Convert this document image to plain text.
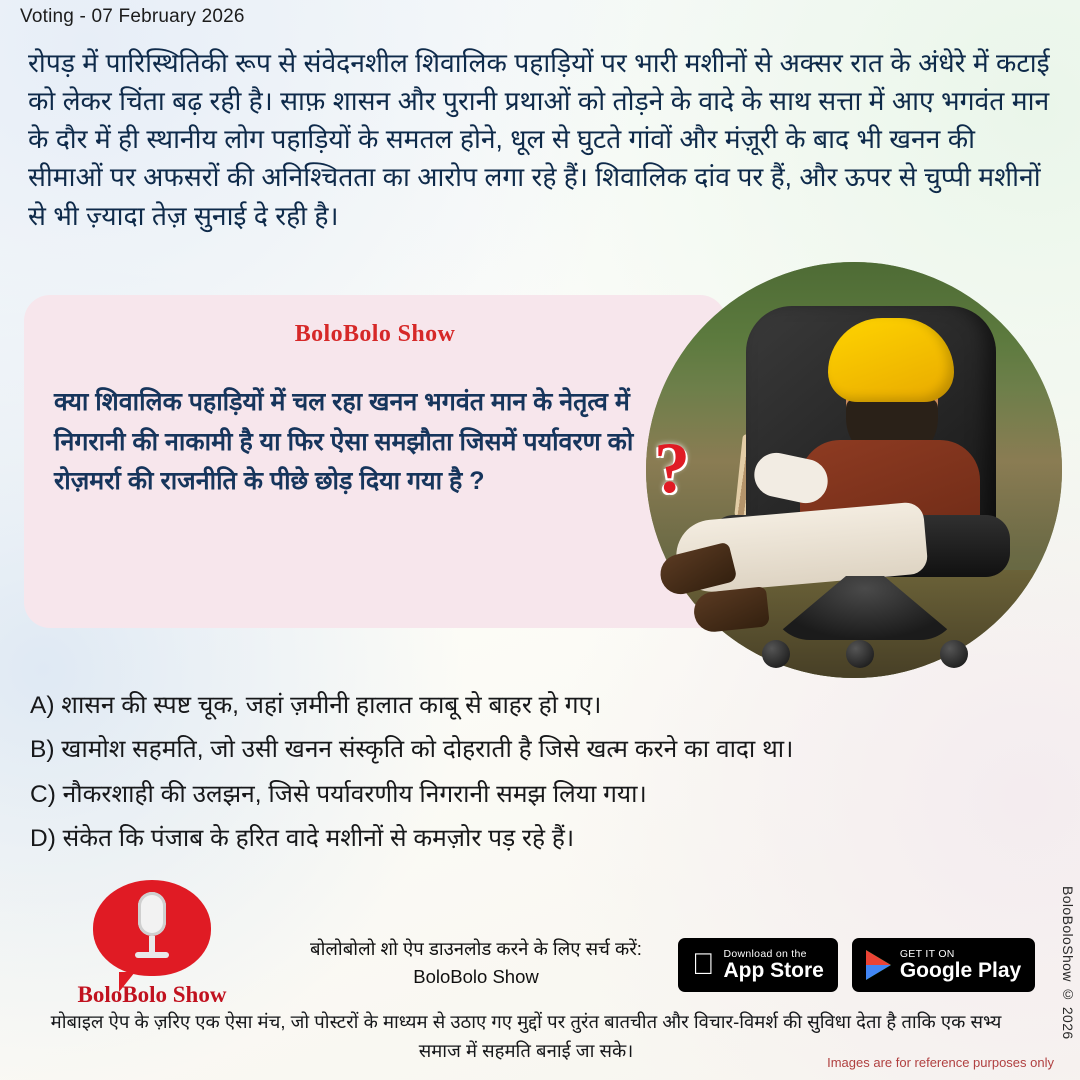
Voting - 07 February 2026
रोपड़ में पारिस्थितिकी रूप से संवेदनशील शिवालिक पहाड़ियों पर भारी मशीनों से अक्सर रात के अंधेरे में कटाई को लेकर चिंता बढ़ रही है। साफ़ शासन और पुरानी प्रथाओं को तोड़ने के वादे के साथ सत्ता में आए भगवंत मान के दौर में ही स्थानीय लोग पहाड़ियों के समतल होने, धूल से घुटते गांवों और मंज़ूरी के बाद भी खनन की सीमाओं पर अफसरों की अनिश्चितता का आरोप लगा रहे हैं। शिवालिक दांव पर हैं, और ऊपर से चुप्पी मशीनों से भी ज़्यादा तेज़ सुनाई दे रही है।
BoloBolo Show
क्या शिवालिक पहाड़ियों में चल रहा खनन भगवंत मान के नेतृत्व में निगरानी की नाकामी है या फिर ऐसा समझौता जिसमें पर्यावरण को रोज़मर्रा की राजनीति के पीछे छोड़ दिया गया है ?	?
A) शासन की स्पष्ट चूक, जहां ज़मीनी हालात काबू से बाहर हो गए।
B) खामोश सहमति, जो उसी खनन संस्कृति को दोहराती है जिसे खत्म करने का वादा था।
C) नौकरशाही की उलझन, जिसे पर्यावरणीय निगरानी समझ लिया गया।
D) संकेत कि पंजाब के हरित वादे मशीनों से कमज़ोर पड़ रहे हैं।
BoloBolo Show
बोलोबोलो शो ऐप डाउनलोड करने के लिए सर्च करें:
BoloBolo Show
Download on the
App Store
GET IT ON
Google Play
मोबाइल ऐप के ज़रिए एक ऐसा मंच, जो पोस्टरों के माध्यम से उठाए गए मुद्दों पर तुरंत बातचीत और विचार-विमर्श की सुविधा देता है ताकि एक सभ्य समाज में सहमति बनाई जा सके।
BoloBoloShow © 2026
Images are for reference purposes only
